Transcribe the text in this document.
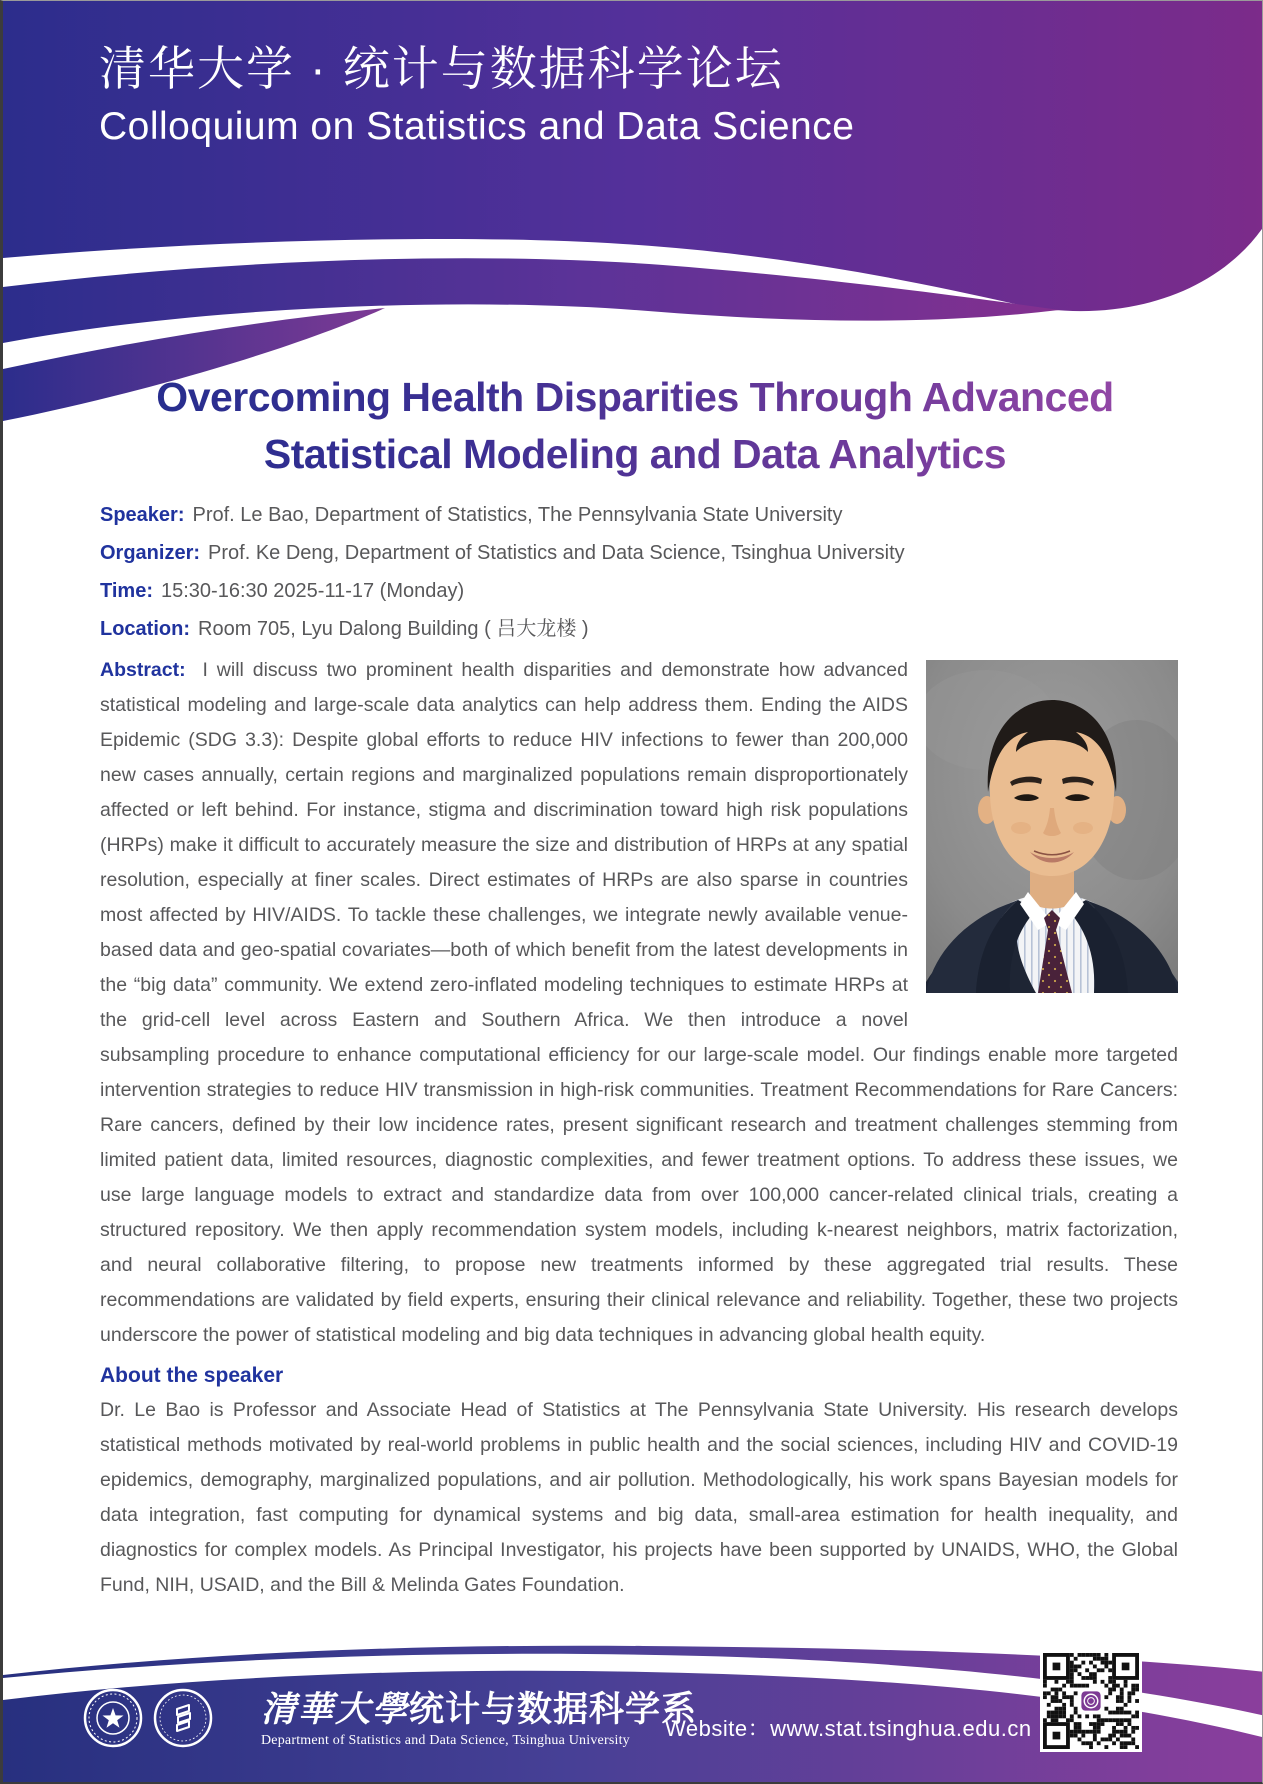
清华大学 · 统计与数据科学论坛
Colloquium on Statistics and Data Science
Overcoming Health Disparities Through Advanced
Statistical Modeling and Data Analytics
Speaker: Prof. Le Bao, Department of Statistics, The Pennsylvania State University
Organizer: Prof. Ke Deng, Department of Statistics and Data Science, Tsinghua University
Time: 15:30-16:30 2025-11-17 (Monday)
Location: Room 705, Lyu Dalong Building ( 吕大龙楼 )

Abstract: I will discuss two prominent health disparities and demonstrate how advanced statistical modeling and large-scale data analytics can help address them. Ending the AIDS Epidemic (SDG 3.3): Despite global efforts to reduce HIV infections to fewer than 200,000 new cases annually, certain regions and marginalized populations remain disproportionately affected or left behind. For instance, stigma and discrimination toward high risk populations (HRPs) make it difficult to accurately measure the size and distribution of HRPs at any spatial resolution, especially at finer scales. Direct estimates of HRPs are also sparse in countries most affected by HIV/AIDS. To tackle these challenges, we integrate newly available venue-based data and geo-spatial covariates—both of which benefit from the latest developments in the “big data” community. We extend zero-inflated modeling techniques to estimate HRPs at the grid-cell level across Eastern and Southern Africa. We then introduce a novel subsampling procedure to enhance computational efficiency for our large-scale model. Our findings enable more targeted intervention strategies to reduce HIV transmission in high-risk communities. Treatment Recommendations for Rare Cancers: Rare cancers, defined by their low incidence rates, present significant research and treatment challenges stemming from limited patient data, limited resources, diagnostic complexities, and fewer treatment options. To address these issues, we use large language models to extract and standardize data from over 100,000 cancer-related clinical trials, creating a structured repository. We then apply recommendation system models, including k-nearest neighbors, matrix factorization, and neural collaborative filtering, to propose new treatments informed by these aggregated trial results. These recommendations are validated by field experts, ensuring their clinical relevance and reliability. Together, these two projects underscore the power of statistical modeling and big data techniques in advancing global health equity.

About the speaker

Dr. Le Bao is Professor and Associate Head of Statistics at The Pennsylvania State University. His research develops statistical methods motivated by real-world problems in public health and the social sciences, including HIV and COVID-19 epidemics, demography, marginalized populations, and air pollution. Methodologically, his work spans Bayesian models for data integration, fast computing for dynamical systems and big data, small-area estimation for health inequality, and diagnostics for complex models. As Principal Investigator, his projects have been supported by UNAIDS, WHO, the Global Fund, NIH, USAID, and the Bill & Melinda Gates Foundation.

清華大學统计与数据科学系
Department of Statistics and Data Science, Tsinghua University	Website：www.stat.tsinghua.edu.cn
